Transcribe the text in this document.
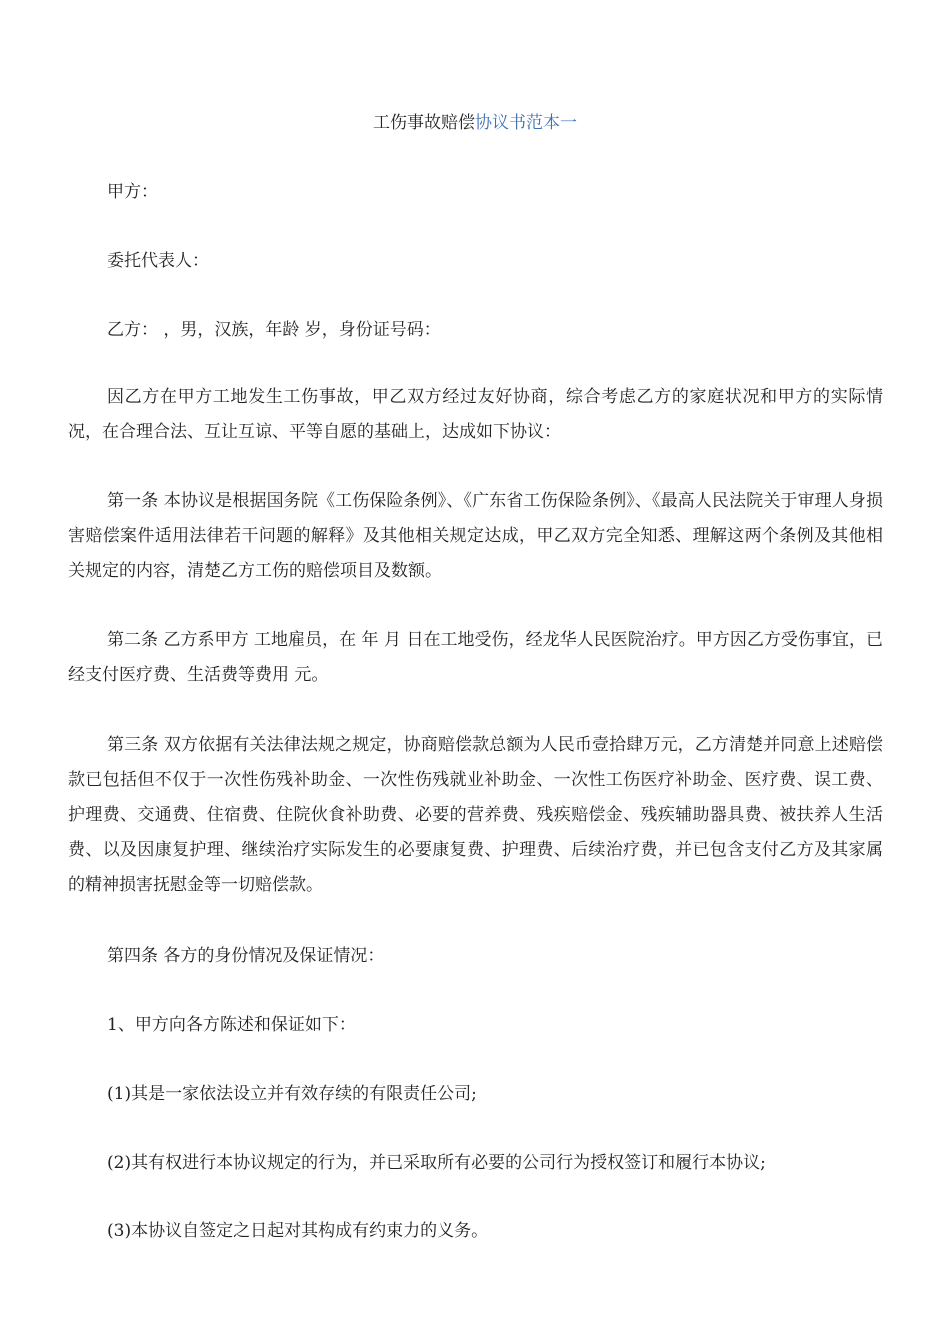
工伤事故赔偿协议书范本一

甲方：

委托代表人：

乙方： ，男，汉族，年龄 岁，身份证号码：

因乙方在甲方工地发生工伤事故，甲乙双方经过友好协商，综合考虑乙方的家庭状况和甲方的实际情况，在合理合法、互让互谅、平等自愿的基础上，达成如下协议：

第一条 本协议是根据国务院《工伤保险条例》、《广东省工伤保险条例》、《最高人民法院关于审理人身损害赔偿案件适用法律若干问题的解释》及其他相关规定达成，甲乙双方完全知悉、理解这两个条例及其他相关规定的内容，清楚乙方工伤的赔偿项目及数额。

第二条 乙方系甲方 工地雇员，在 年 月 日在工地受伤，经龙华人民医院治疗。甲方因乙方受伤事宜，已经支付医疗费、生活费等费用 元。

第三条 双方依据有关法律法规之规定，协商赔偿款总额为人民币壹拾肆万元，乙方清楚并同意上述赔偿款已包括但不仅于一次性伤残补助金、一次性伤残就业补助金、一次性工伤医疗补助金、医疗费、误工费、护理费、交通费、住宿费、住院伙食补助费、必要的营养费、残疾赔偿金、残疾辅助器具费、被扶养人生活费、以及因康复护理、继续治疗实际发生的必要康复费、护理费、后续治疗费，并已包含支付乙方及其家属的精神损害抚慰金等一切赔偿款。

第四条 各方的身份情况及保证情况：

1、甲方向各方陈述和保证如下：

(1)其是一家依法设立并有效存续的有限责任公司;

(2)其有权进行本协议规定的行为，并已采取所有必要的公司行为授权签订和履行本协议;

(3)本协议自签定之日起对其构成有约束力的义务。
